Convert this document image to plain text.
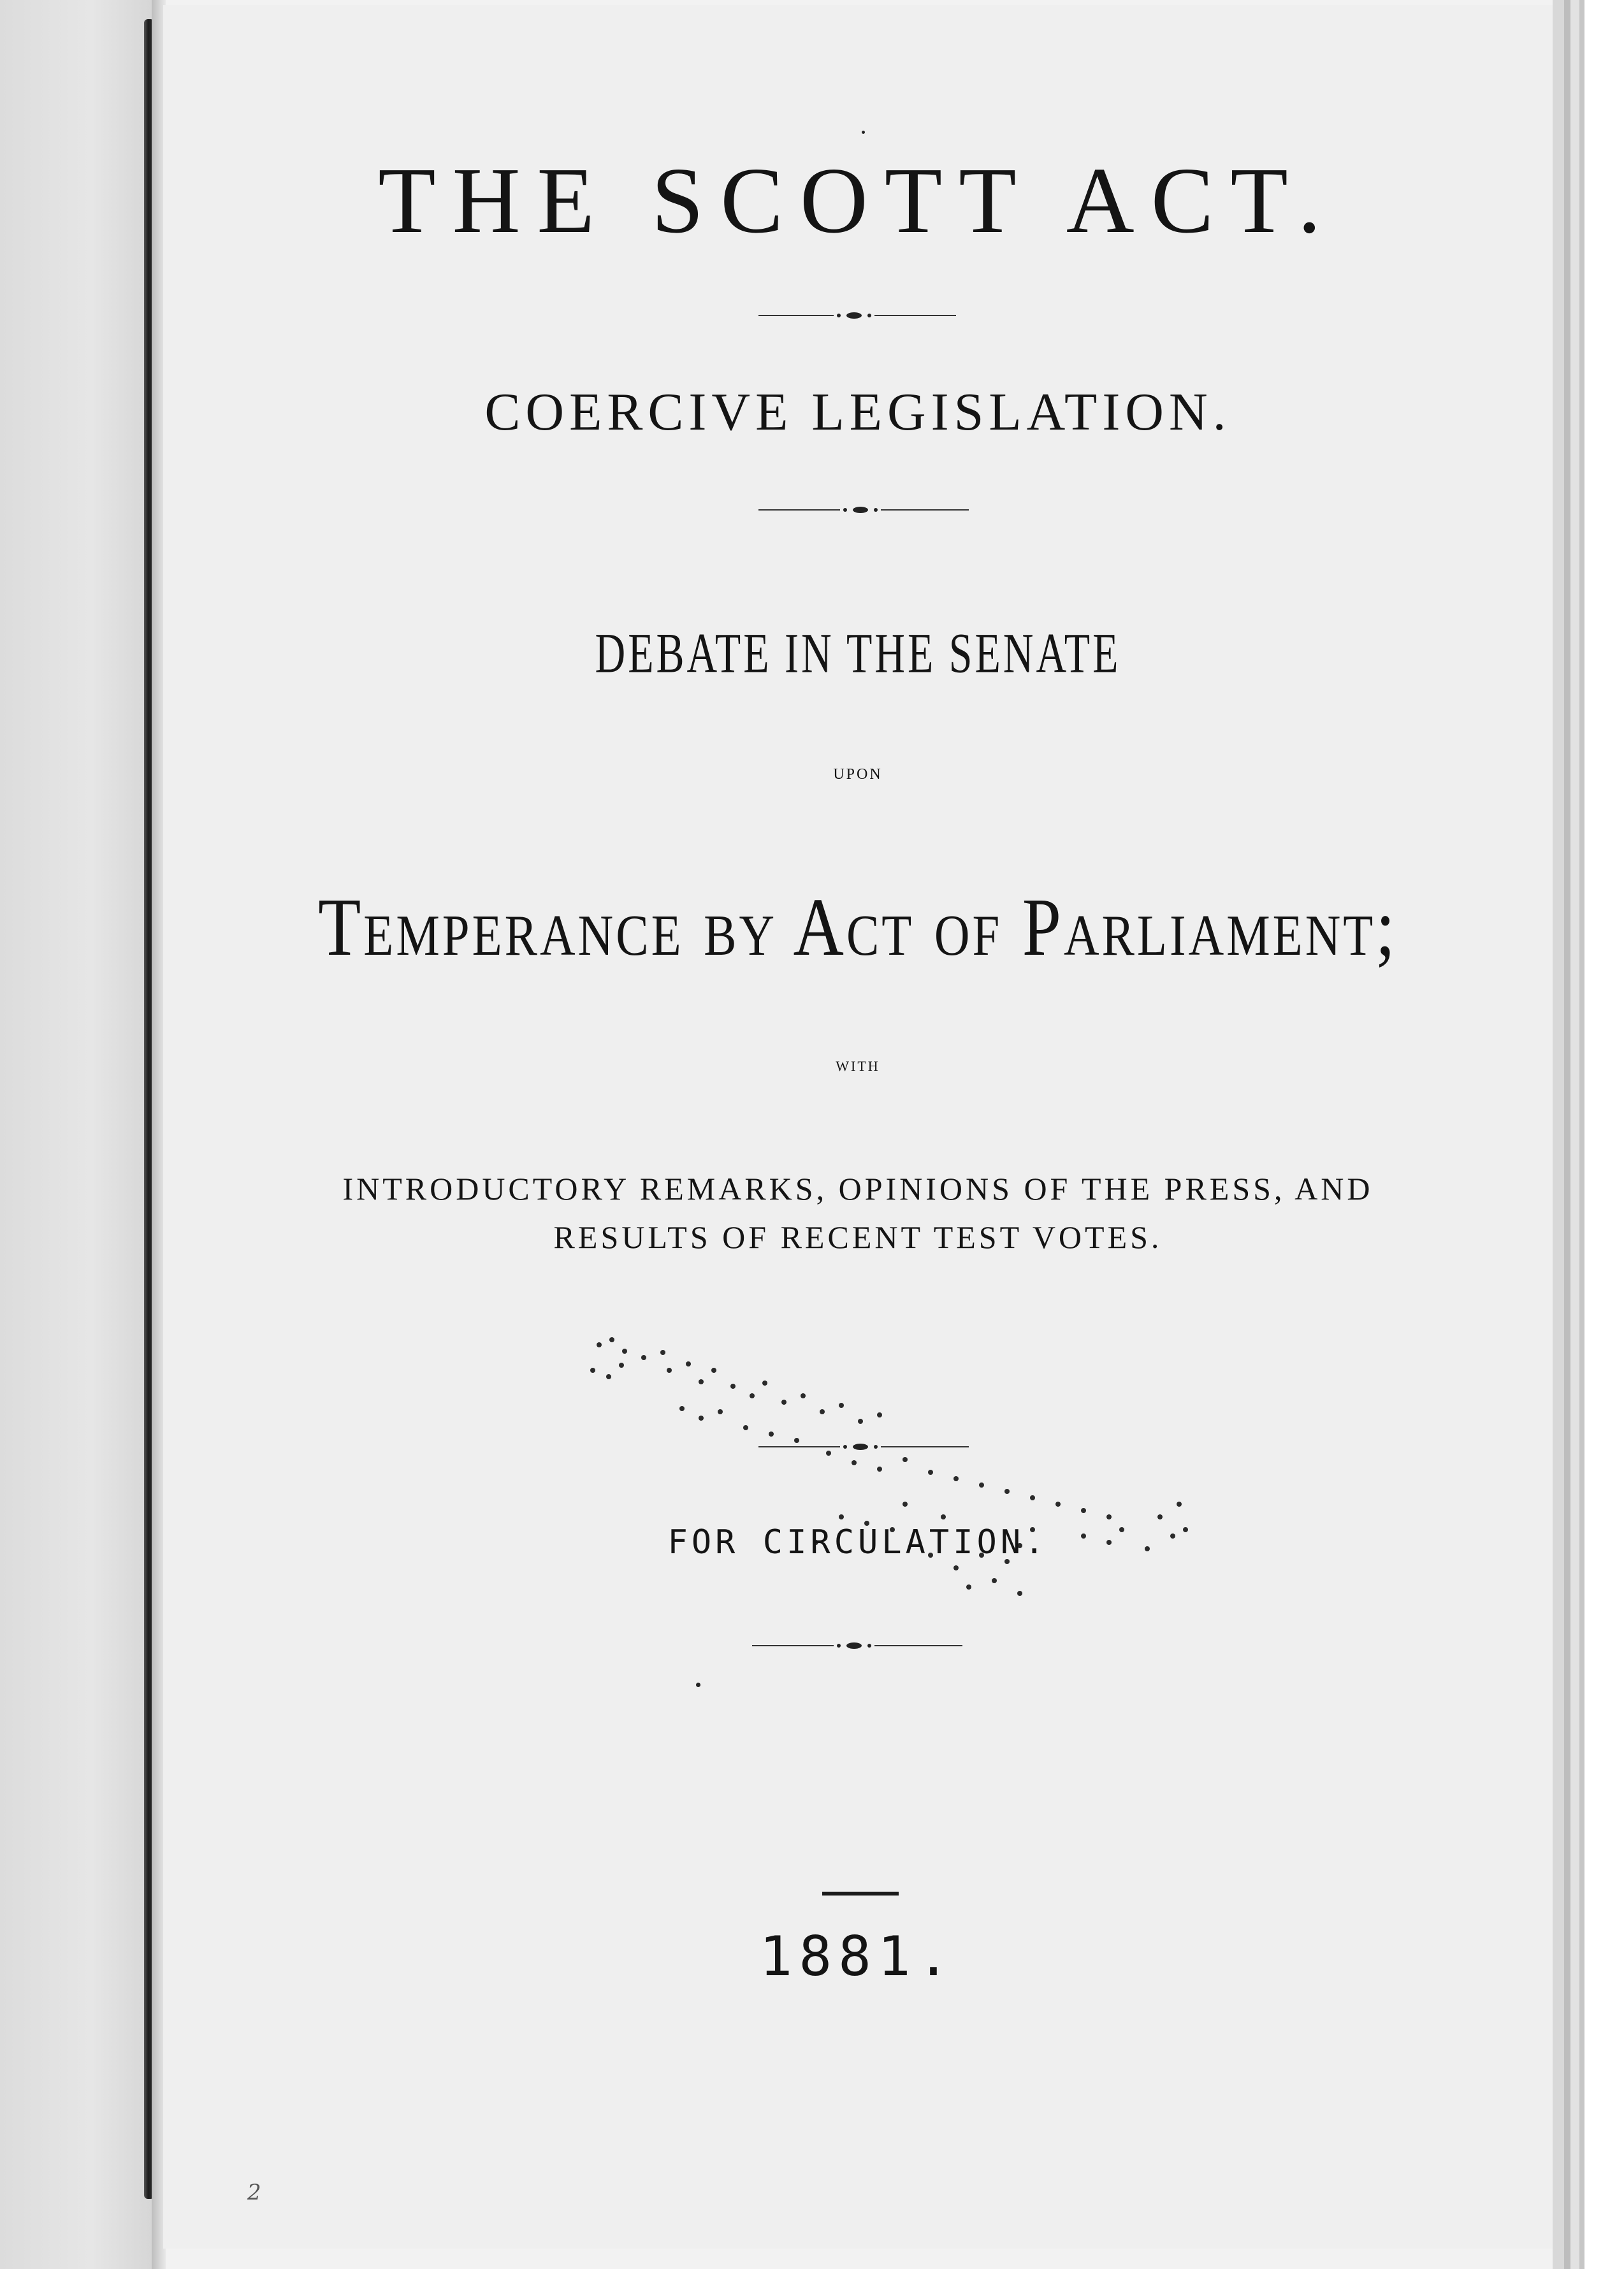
THE SCOTT ACT.
COERCIVE LEGISLATION.
DEBATE IN THE SENATE
UPON
Temperance by Act of Parliament;
WITH
INTRODUCTORY REMARKS, OPINIONS OF THE PRESS, AND
RESULTS OF RECENT TEST VOTES.
FOR CIRCULATION.
1881.
2
